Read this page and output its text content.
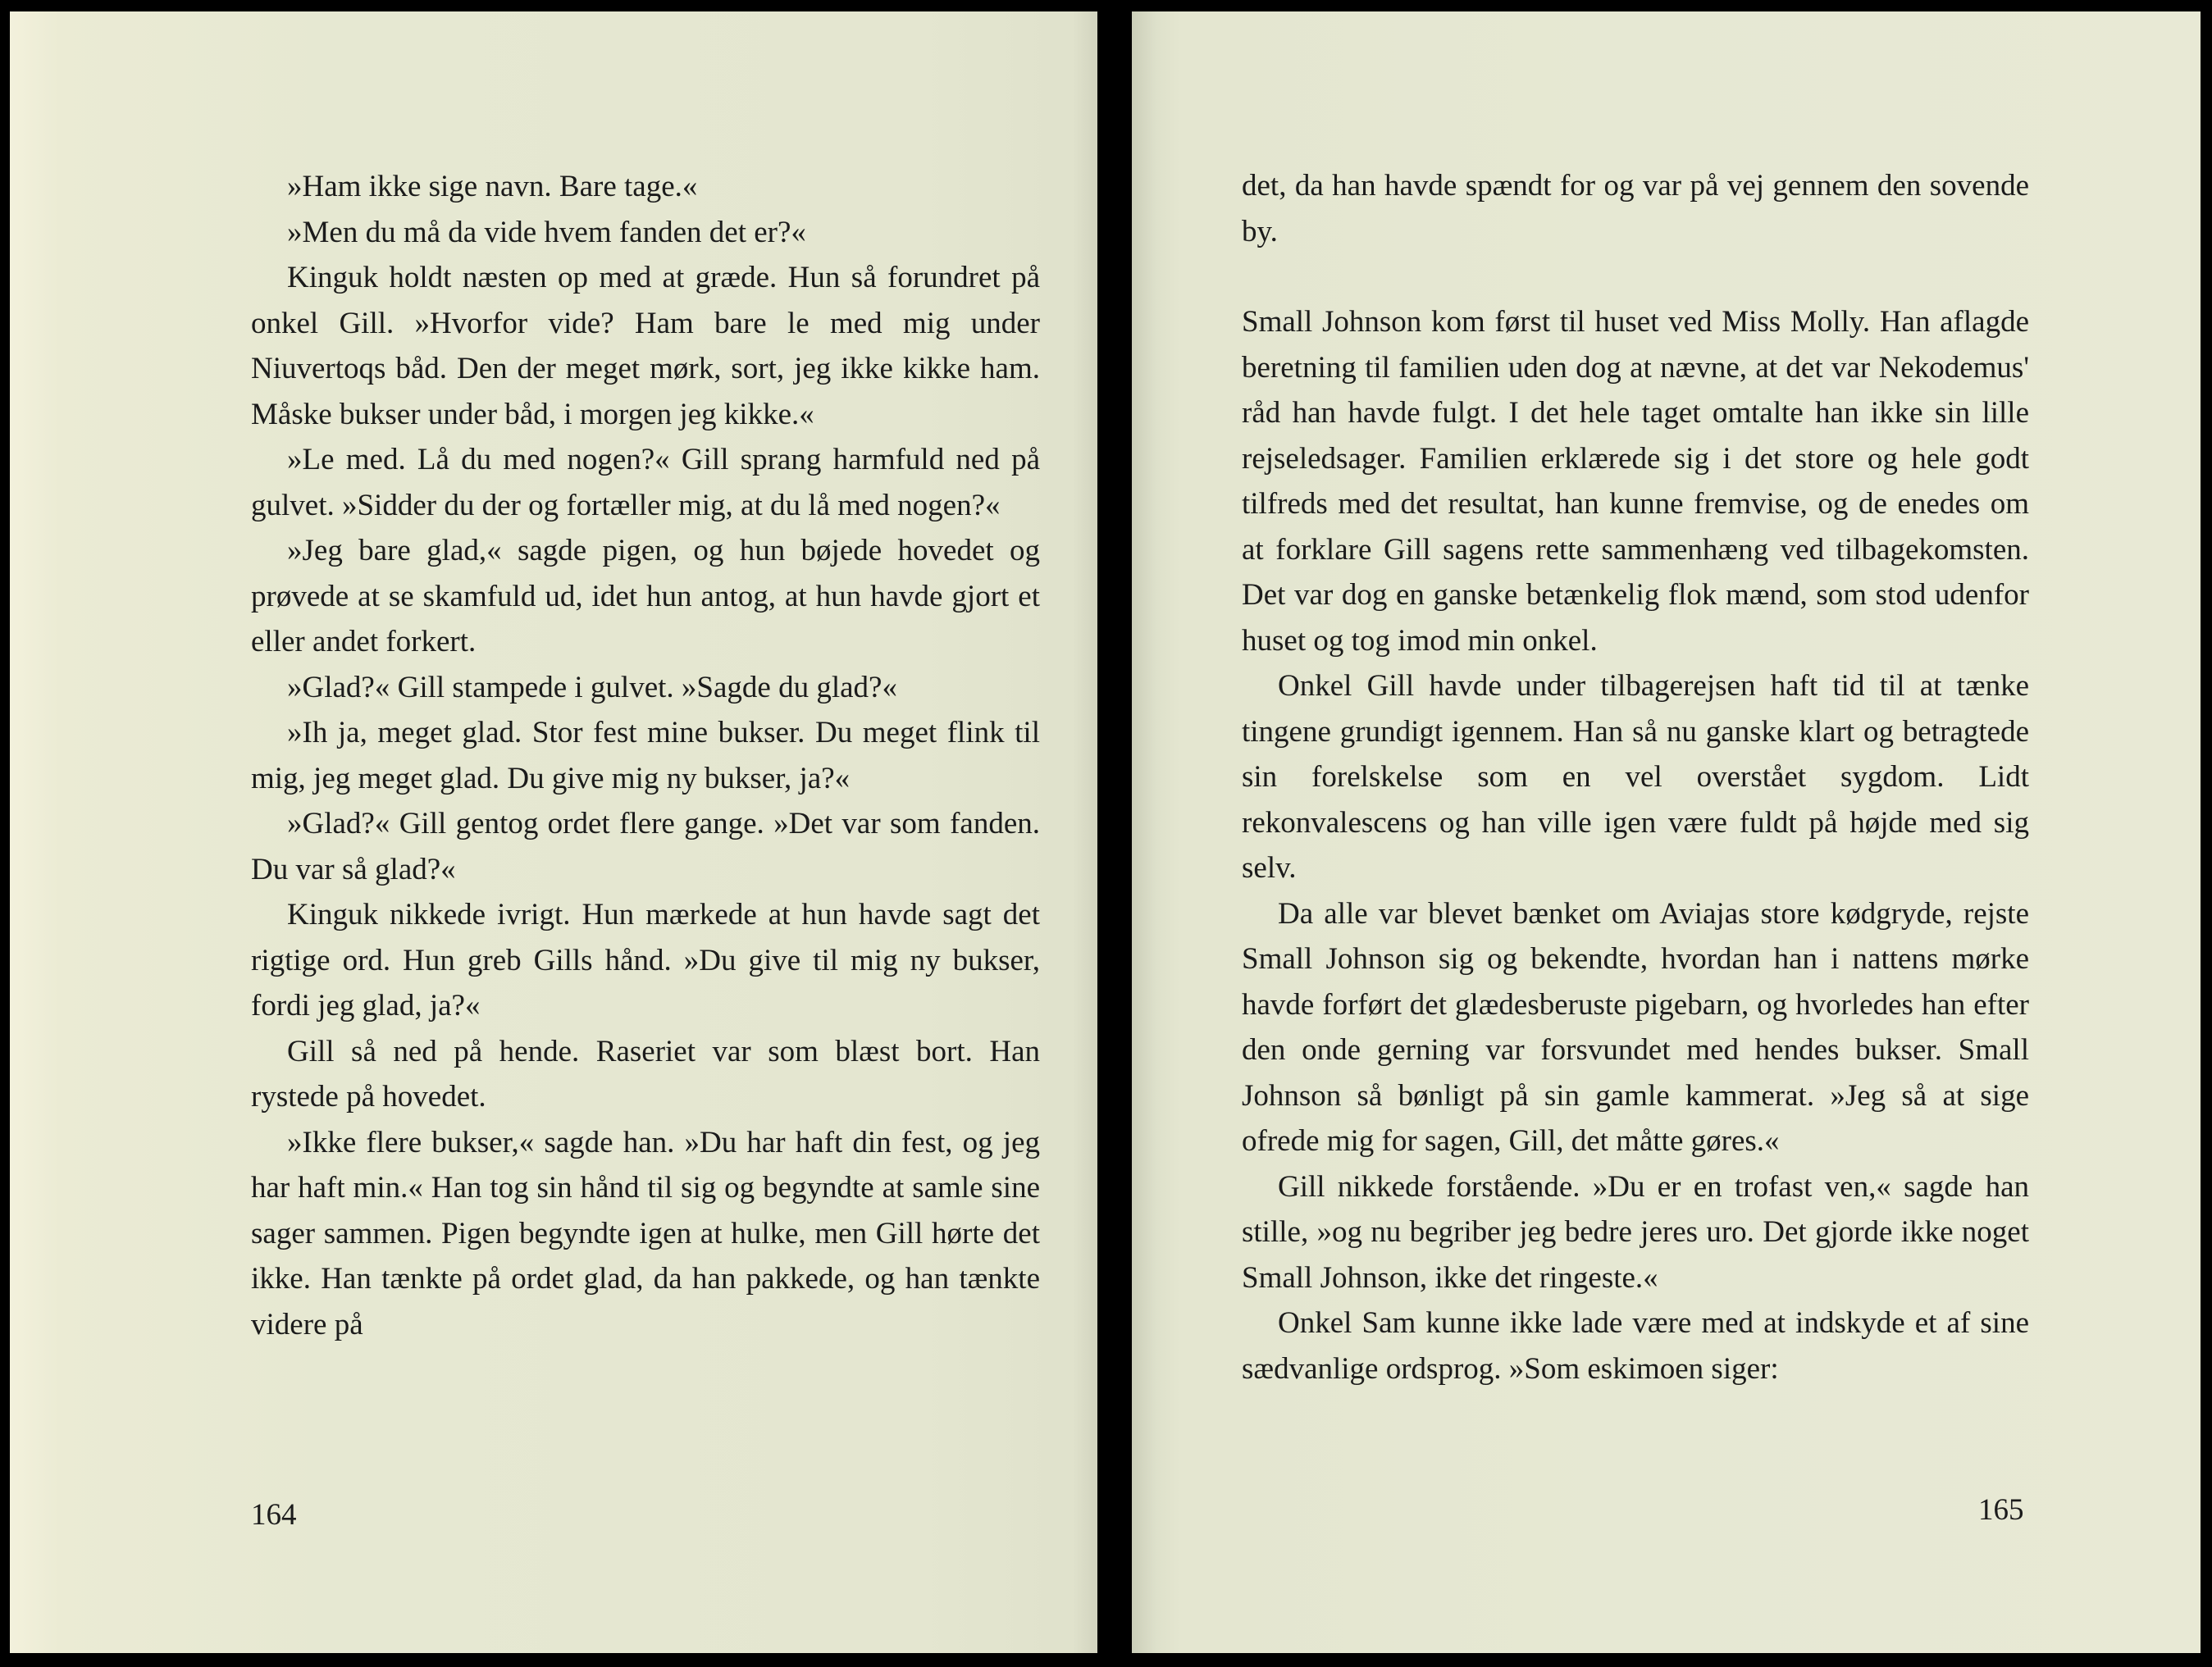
»Ham ikke sige navn. Bare tage.«

»Men du må da vide hvem fanden det er?«

Kinguk holdt næsten op med at græde. Hun så forundret på onkel Gill. »Hvorfor vide? Ham bare le med mig under Niuvertoqs båd. Den der meget mørk, sort, jeg ikke kikke ham. Måske bukser under båd, i morgen jeg kikke.«

»Le med. Lå du med nogen?« Gill sprang harmfuld ned på gulvet. »Sidder du der og fortæller mig, at du lå med nogen?«

»Jeg bare glad,« sagde pigen, og hun bøjede hovedet og prøvede at se skamfuld ud, idet hun antog, at hun havde gjort et eller andet forkert.

»Glad?« Gill stampede i gulvet. »Sagde du glad?«

»Ih ja, meget glad. Stor fest mine bukser. Du meget flink til mig, jeg meget glad. Du give mig ny bukser, ja?«

»Glad?« Gill gentog ordet flere gange. »Det var som fanden. Du var så glad?«

Kinguk nikkede ivrigt. Hun mærkede at hun havde sagt det rigtige ord. Hun greb Gills hånd. »Du give til mig ny bukser, fordi jeg glad, ja?«

Gill så ned på hende. Raseriet var som blæst bort. Han rystede på hovedet.

»Ikke flere bukser,« sagde han. »Du har haft din fest, og jeg har haft min.« Han tog sin hånd til sig og begyndte at samle sine sager sammen. Pigen begyndte igen at hulke, men Gill hørte det ikke. Han tænkte på ordet glad, da han pakkede, og han tænkte videre på

164

det, da han havde spændt for og var på vej gennem den sovende by.

Small Johnson kom først til huset ved Miss Molly. Han aflagde beretning til familien uden dog at nævne, at det var Nekodemus' råd han havde fulgt. I det hele taget omtalte han ikke sin lille rejseledsager. Familien erklærede sig i det store og hele godt tilfreds med det resultat, han kunne fremvise, og de enedes om at forklare Gill sagens rette sammenhæng ved tilbagekomsten. Det var dog en ganske betænkelig flok mænd, som stod udenfor huset og tog imod min onkel.

Onkel Gill havde under tilbagerejsen haft tid til at tænke tingene grundigt igennem. Han så nu ganske klart og betragtede sin forelskelse som en vel overstået sygdom. Lidt rekonvalescens og han ville igen være fuldt på højde med sig selv.

Da alle var blevet bænket om Aviajas store kødgryde, rejste Small Johnson sig og bekendte, hvordan han i nattens mørke havde forført det glædesberuste pigebarn, og hvorledes han efter den onde gerning var forsvundet med hendes bukser. Small Johnson så bønligt på sin gamle kammerat. »Jeg så at sige ofrede mig for sagen, Gill, det måtte gøres.«

Gill nikkede forstående. »Du er en trofast ven,« sagde han stille, »og nu begriber jeg bedre jeres uro. Det gjorde ikke noget Small Johnson, ikke det ringeste.«

Onkel Sam kunne ikke lade være med at indskyde et af sine sædvanlige ordsprog. »Som eskimoen siger:

165
